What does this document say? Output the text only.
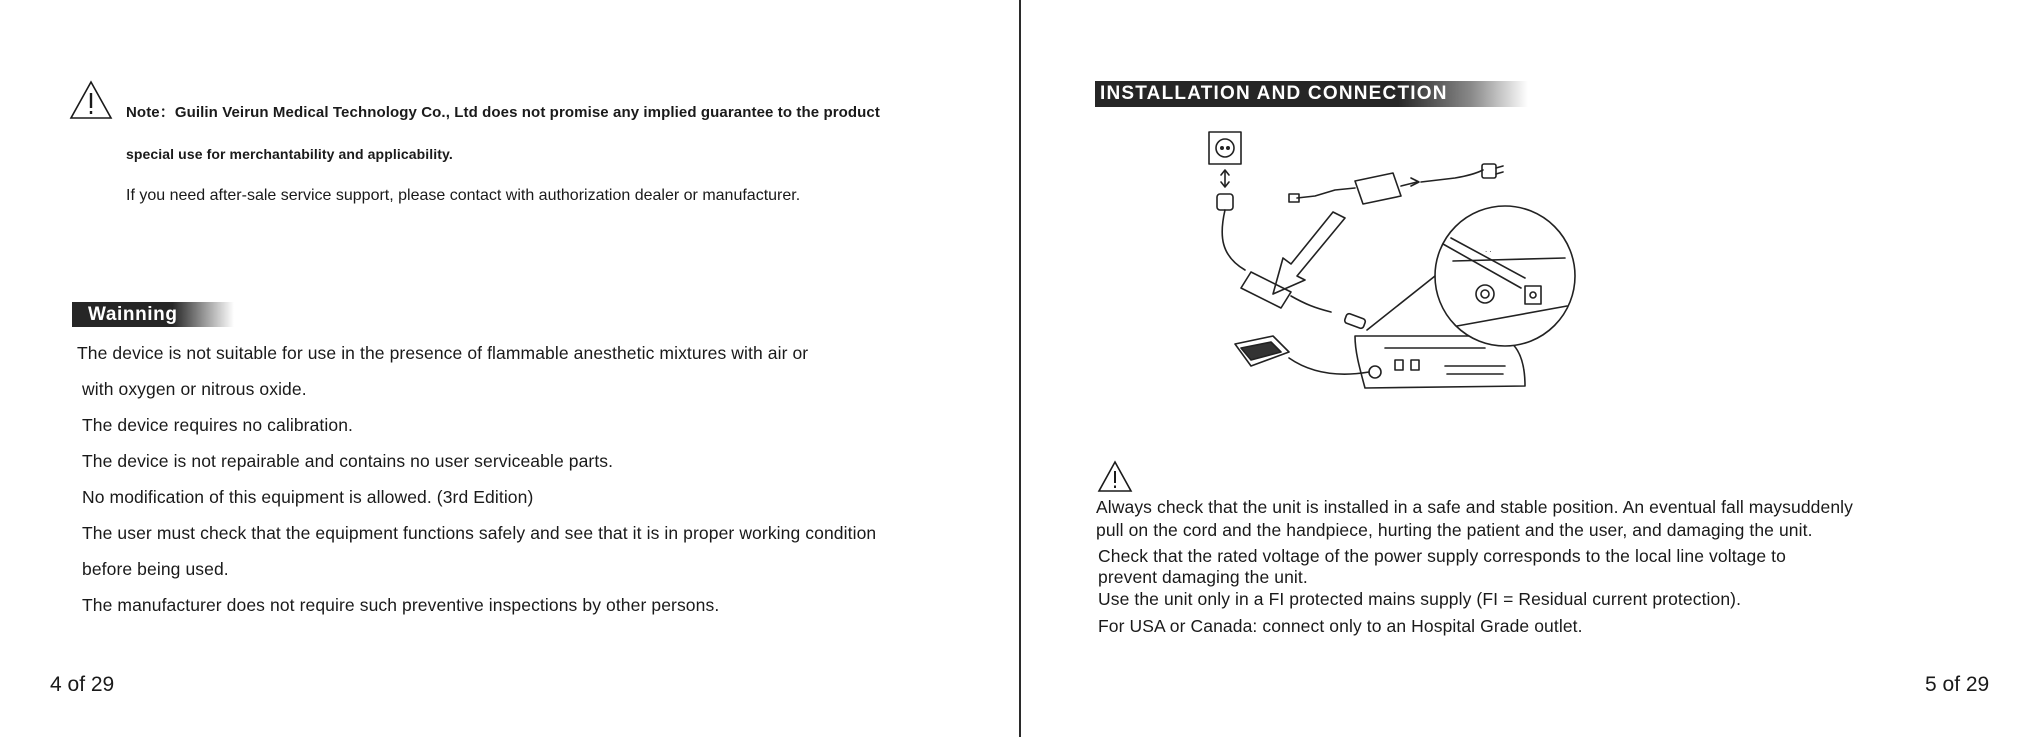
Note：Guilin Veirun Medical Technology Co., Ltd does not promise any implied guarantee to the product
special use for merchantability and applicability.
If you need after-sale service support, please contact with authorization dealer or manufacturer.
Wainning
The device is not suitable for use in the presence of flammable anesthetic mixtures with air or
with oxygen or nitrous oxide.
The device requires no calibration.
The device is not repairable and contains no user serviceable parts.
No modification of this equipment is allowed. (3rd Edition)
The user must check that the equipment functions safely and see that it is in proper working condition
before being used.
The manufacturer does not require such preventive inspections by other persons.
4 of 29
INSTALLATION AND CONNECTION
· ·
Always check that the unit is installed in a safe and stable position. An eventual fall maysuddenly
pull on the cord and the handpiece, hurting the patient and the user, and damaging the unit.
Check that the rated voltage of the power supply corresponds to the local line voltage to
prevent damaging the unit.
Use the unit only in a FI protected mains supply (FI = Residual current protection).
For USA or Canada: connect only to an Hospital Grade outlet.
5 of 29
